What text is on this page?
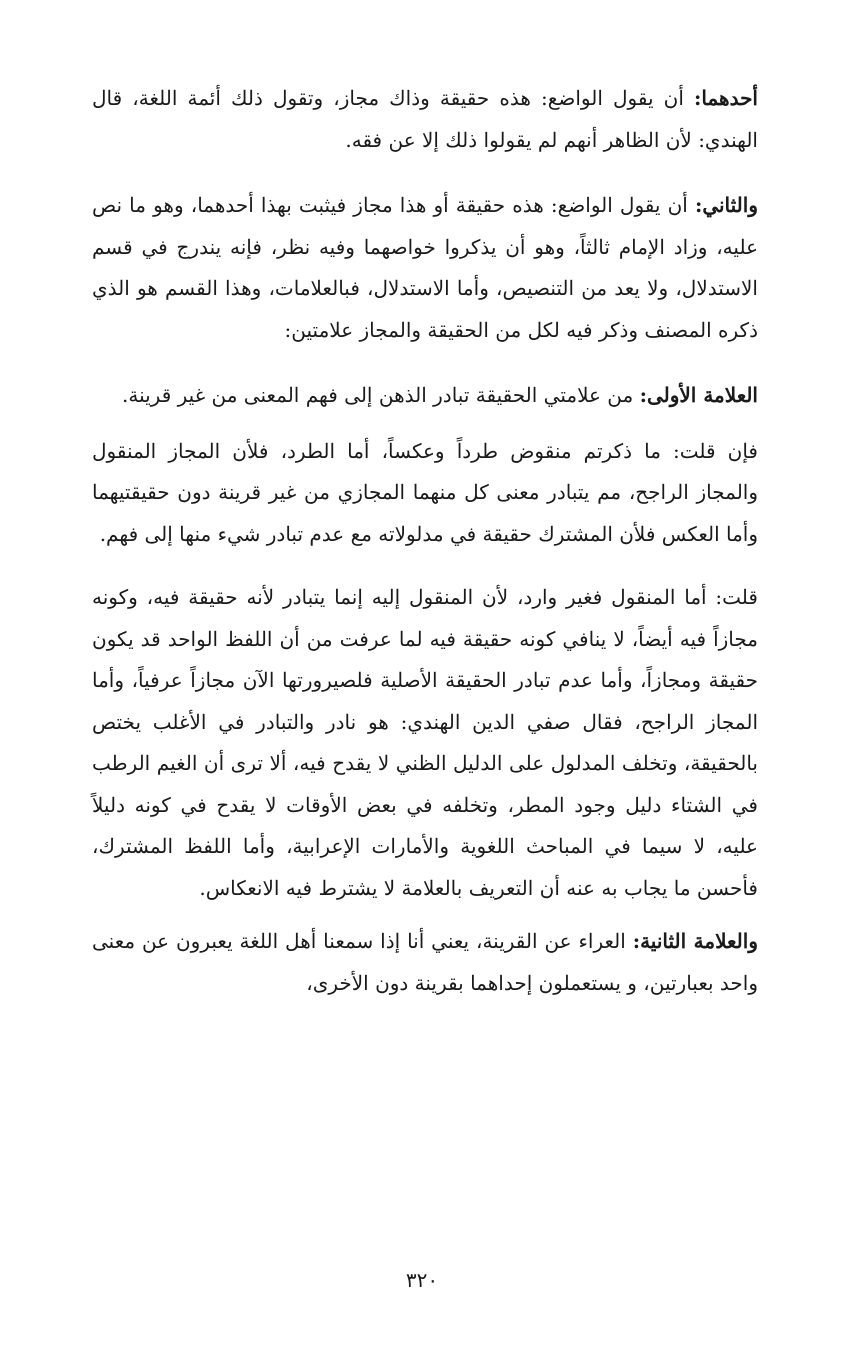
أحدهما: أن يقول الواضع: هذه حقيقة وذاك مجاز، وتقول ذلك أئمة اللغة، قال الهندي: لأن الظاهر أنهم لم يقولوا ذلك إلا عن فقه.

والثاني: أن يقول الواضع: هذه حقيقة أو هذا مجاز فيثبت بهذا أحدهما، وهو ما نص عليه، وزاد الإمام ثالثاً، وهو أن يذكروا خواصهما وفيه نظر، فإنه يندرج في قسم الاستدلال، ولا يعد من التنصيص، وأما الاستدلال، فبالعلامات، وهذا القسم هو الذي ذكره المصنف وذكر فيه لكل من الحقيقة والمجاز علامتين:

العلامة الأولى: من علامتي الحقيقة تبادر الذهن إلى فهم المعنى من غير قرينة.

فإن قلت: ما ذكرتم منقوض طرداً وعكساً، أما الطرد، فلأن المجاز المنقول والمجاز الراجح، مم يتبادر معنى كل منهما المجازي من غير قرينة دون حقيقتيهما وأما العكس فلأن المشترك حقيقة في مدلولاته مع عدم تبادر شيء منها إلى فهم.

قلت: أما المنقول فغير وارد، لأن المنقول إليه إنما يتبادر لأنه حقيقة فيه، وكونه مجازاً فيه أيضاً، لا ينافي كونه حقيقة فيه لما عرفت من أن اللفظ الواحد قد يكون حقيقة ومجازاً، وأما عدم تبادر الحقيقة الأصلية فلصيرورتها الآن مجازاً عرفياً، وأما المجاز الراجح، فقال صفي الدين الهندي: هو نادر والتبادر في الأغلب يختص بالحقيقة، وتخلف المدلول على الدليل الظني لا يقدح فيه، ألا ترى أن الغيم الرطب في الشتاء دليل وجود المطر، وتخلفه في بعض الأوقات لا يقدح في كونه دليلاً عليه، لا سيما في المباحث اللغوية والأمارات الإعرابية، وأما اللفظ المشترك، فأحسن ما يجاب به عنه أن التعريف بالعلامة لا يشترط فيه الانعكاس.

والعلامة الثانية: العراء عن القرينة، يعني أنا إذا سمعنا أهل اللغة يعبرون عن معنى واحد بعبارتين، و يستعملون إحداهما بقرينة دون الأخرى،

٣٢٠
